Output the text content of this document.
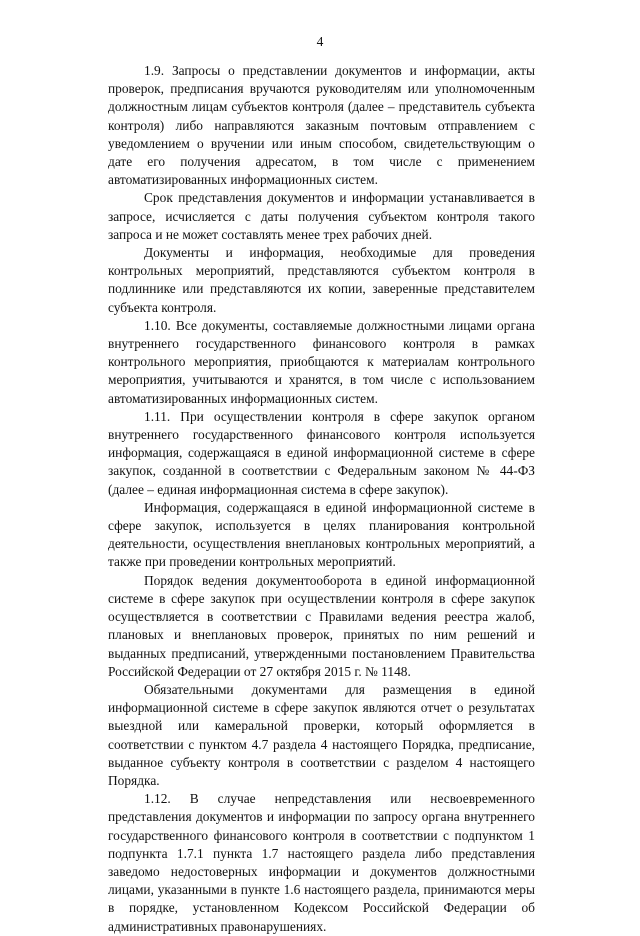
4

1.9. Запросы о представлении документов и информации, акты проверок, предписания вручаются руководителям или уполномоченным должностным лицам субъектов контроля (далее – представитель субъекта контроля) либо направляются заказным почтовым отправлением с уведомлением о вручении или иным способом, свидетельствующим о дате его получения адресатом, в том числе с применением автоматизированных информационных систем.

Срок представления документов и информации устанавливается в запросе, исчисляется с даты получения субъектом контроля такого запроса и не может составлять менее трех рабочих дней.

Документы и информация, необходимые для проведения контрольных мероприятий, представляются субъектом контроля в подлиннике или представляются их копии, заверенные представителем субъекта контроля.

1.10. Все документы, составляемые должностными лицами органа внутреннего государственного финансового контроля в рамках контрольного мероприятия, приобщаются к материалам контрольного мероприятия, учитываются и хранятся, в том числе с использованием автоматизированных информационных систем.

1.11. При осуществлении контроля в сфере закупок органом внутреннего государственного финансового контроля используется информация, содержащаяся в единой информационной системе в сфере закупок, созданной в соответствии с Федеральным законом № 44-ФЗ (далее – единая информационная система в сфере закупок).

Информация, содержащаяся в единой информационной системе в сфере закупок, используется в целях планирования контрольной деятельности, осуществления внеплановых контрольных мероприятий, а также при проведении контрольных мероприятий.

Порядок ведения документооборота в единой информационной системе в сфере закупок при осуществлении контроля в сфере закупок осуществляется в соответствии с Правилами ведения реестра жалоб, плановых и внеплановых проверок, принятых по ним решений и выданных предписаний, утвержденными постановлением Правительства Российской Федерации от 27 октября 2015 г. № 1148.

Обязательными документами для размещения в единой информационной системе в сфере закупок являются отчет о результатах выездной или камеральной проверки, который оформляется в соответствии с пунктом 4.7 раздела 4 настоящего Порядка, предписание, выданное субъекту контроля в соответствии с разделом 4 настоящего Порядка.

1.12. В случае непредставления или несвоевременного представления документов и информации по запросу органа внутреннего государственного финансового контроля в соответствии с подпунктом 1 подпункта 1.7.1 пункта 1.7 настоящего раздела либо представления заведомо недостоверных информации и документов должностными лицами, указанными в пункте 1.6 настоящего раздела, принимаются меры в порядке, установленном Кодексом Российской Федерации об административных правонарушениях.
